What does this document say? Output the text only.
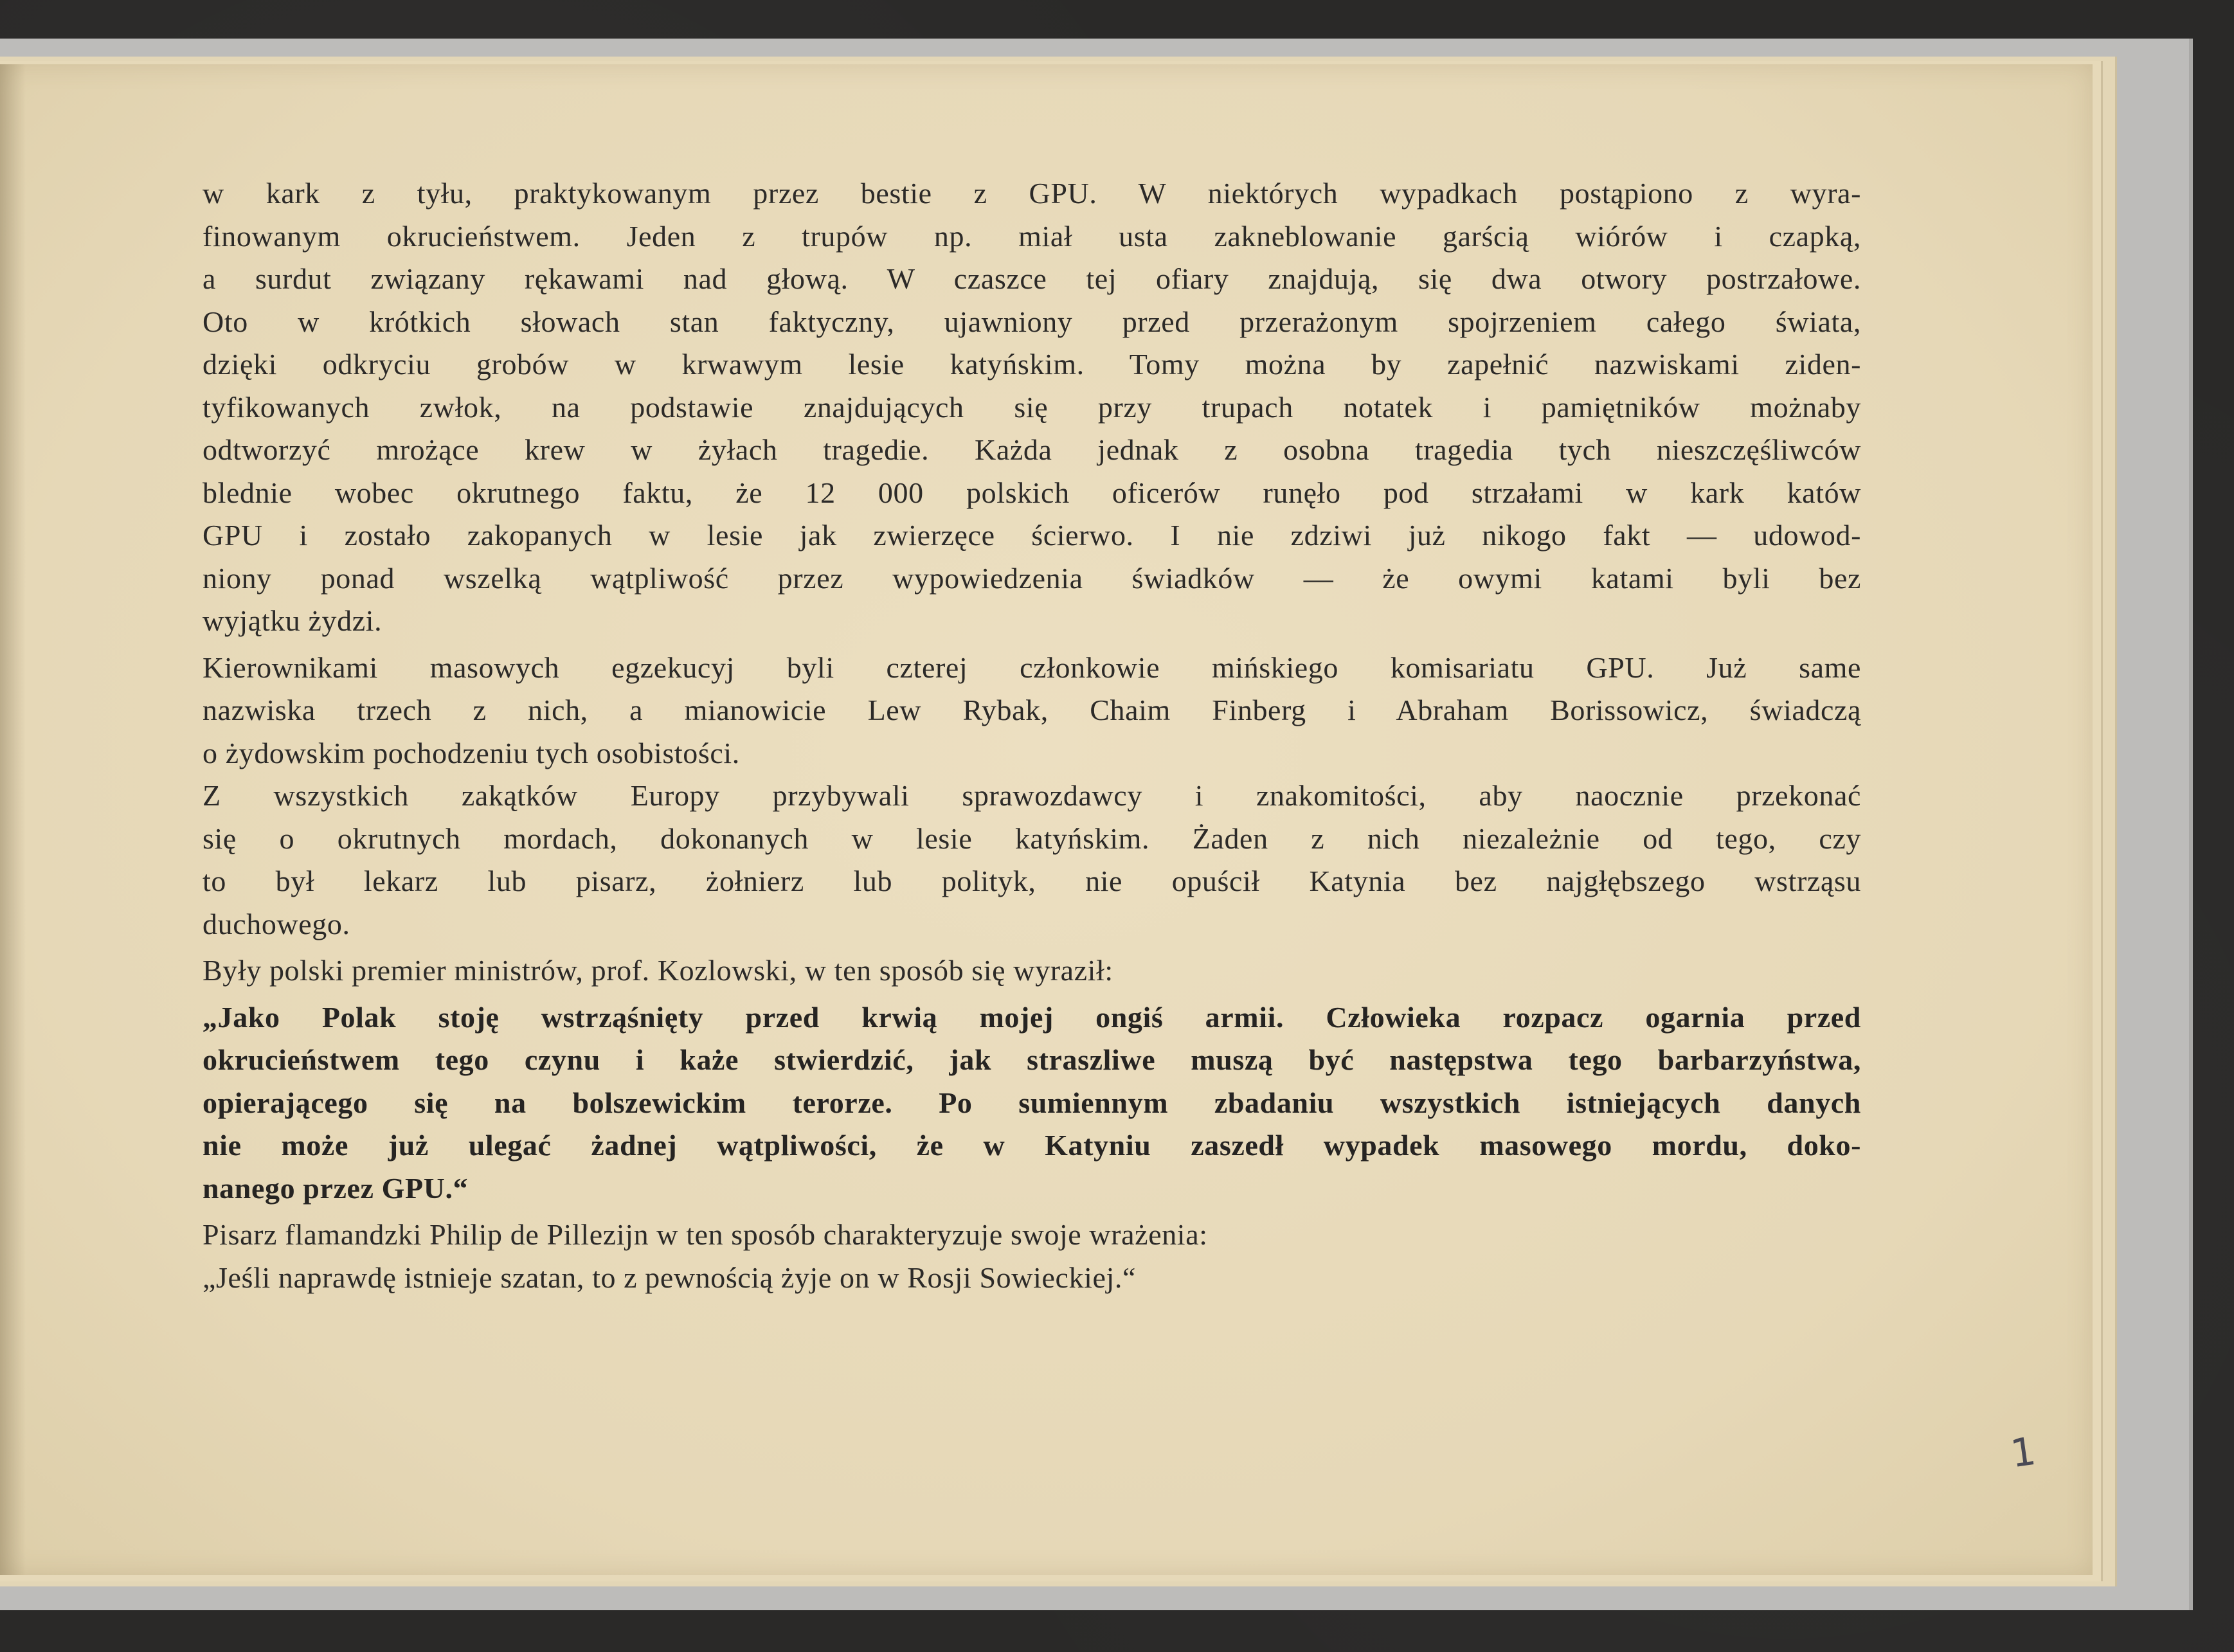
w kark z tyłu, praktykowanym przez bestie z GPU. W niektórych wypadkach postąpiono z wyra-
finowanym okrucieństwem. Jeden z trupów np. miał usta zakneblowanie garścią wiórów i czapką,
a surdut związany rękawami nad głową. W czaszce tej ofiary znajdują, się dwa otwory postrzałowe.
Oto w krótkich słowach stan faktyczny, ujawniony przed przerażonym spojrzeniem całego świata,
dzięki odkryciu grobów w krwawym lesie katyńskim. Tomy można by zapełnić nazwiskami ziden-
tyfikowanych zwłok, na podstawie znajdujących się przy trupach notatek i pamiętników możnaby
odtworzyć mrożące krew w żyłach tragedie. Każda jednak z osobna tragedia tych nieszczęśliwców
blednie wobec okrutnego faktu, że 12 000 polskich oficerów runęło pod strzałami w kark katów
GPU i zostało zakopanych w lesie jak zwierzęce ścierwo. I nie zdziwi już nikogo fakt — udowod-
niony ponad wszelką wątpliwość przez wypowiedzenia świadków — że owymi katami byli bez
wyjątku żydzi.
Kierownikami masowych egzekucyj byli czterej członkowie mińskiego komisariatu GPU. Już same
nazwiska trzech z nich, a mianowicie Lew Rybak, Chaim Finberg i Abraham Borissowicz, świadczą
o żydowskim pochodzeniu tych osobistości.
Z wszystkich zakątków Europy przybywali sprawozdawcy i znakomitości, aby naocznie przekonać
się o okrutnych mordach, dokonanych w lesie katyńskim. Żaden z nich niezależnie od tego, czy
to był lekarz lub pisarz, żołnierz lub polityk, nie opuścił Katynia bez najgłębszego wstrząsu
duchowego.
Były polski premier ministrów, prof. Kozlowski, w ten sposób się wyraził:
„Jako Polak stoję wstrząśnięty przed krwią mojej ongiś armii. Człowieka rozpacz ogarnia przed
okrucieństwem tego czynu i każe stwierdzić, jak straszliwe muszą być następstwa tego barbarzyństwa,
opierającego się na bolszewickim terorze. Po sumiennym zbadaniu wszystkich istniejących danych
nie może już ulegać żadnej wątpliwości, że w Katyniu zaszedł wypadek masowego mordu, doko-
nanego przez GPU.“
Pisarz flamandzki Philip de Pillezijn w ten sposób charakteryzuje swoje wrażenia:
„Jeśli naprawdę istnieje szatan, to z pewnością żyje on w Rosji Sowieckiej.“
1
